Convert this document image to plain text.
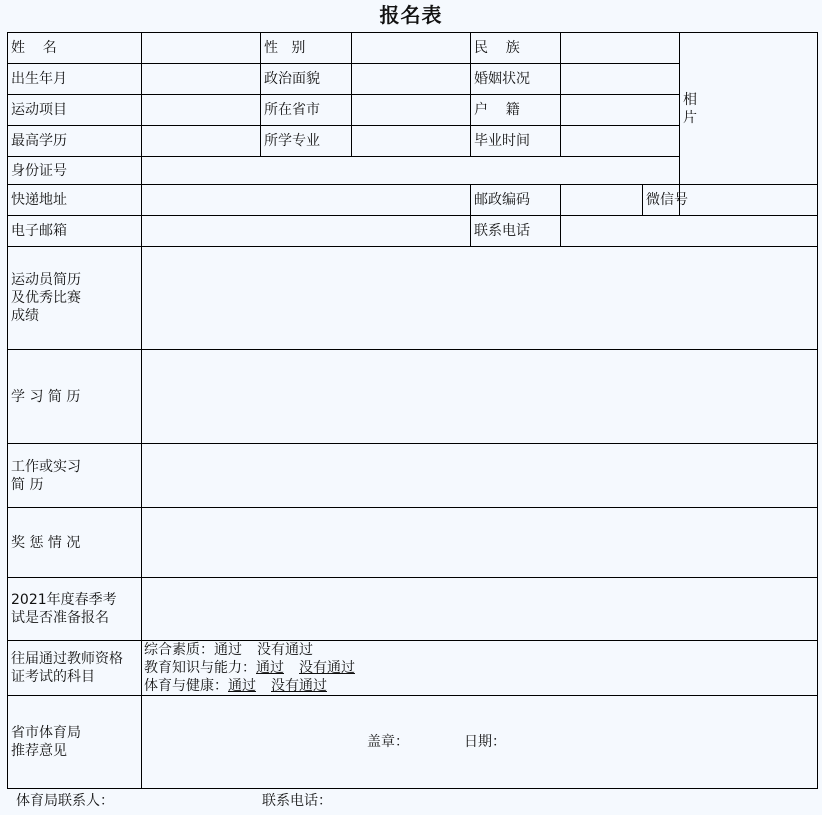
报名表
姓    名		性   别		民    族			相
片
出生年月		政治面貌		婚姻状况			
运动项目		所在省市		户    籍			
最高学历		所学专业		毕业时间			
身份证号							
快递地址				邮政编码		微信号	
电子邮箱				联系电话			
运动员简历
及优秀比赛
成绩							
学 习 简 历							
工作或实习
简 历							
奖 惩 情 况							
2021年度春季考
试是否准备报名							
往届通过教师资格
证考试的科目	综合素质：通过 没有通过
教育知识与能力：通过 没有通过
体育与健康：通过 没有通过						

省市体育局
推荐意见	盖章： 日期：						
体育局联系人：	联系电话：
